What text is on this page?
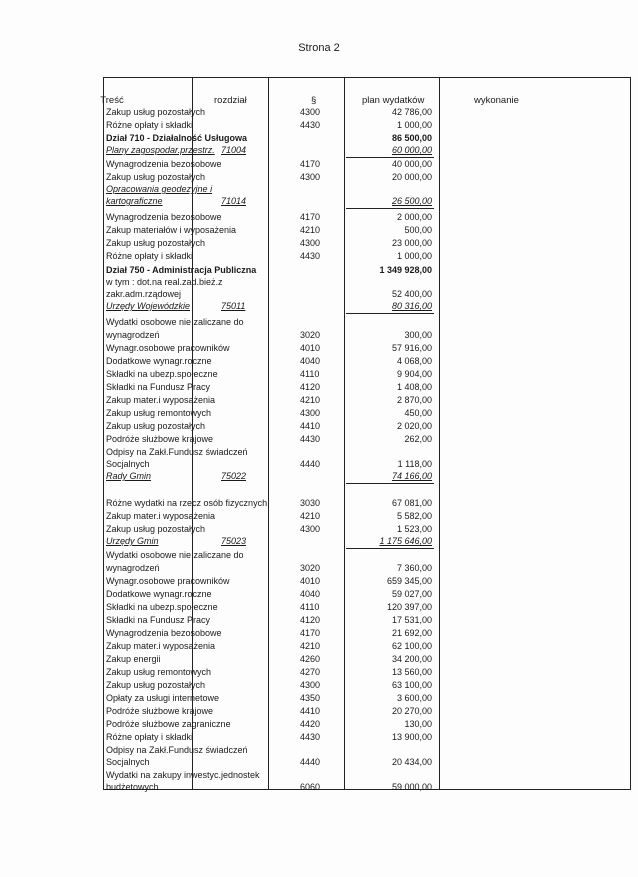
Strona 2
Treść	rozdział	§	plan wydatków	wykonanie
Zakup usług pozostałych	4300	42 786,00
Różne opłaty i składki	4430	1 000,00
Dział 710 - Działalność Usługowa	86 500,00
Plany zagospodar.przestrz. 71004	60 000,00
Wynagrodzenia bezosobowe	4170	40 000,00
Zakup usług pozostałych	4300	20 000,00
Opracowania geodezyjne i
kartograficzne	71014	26 500,00
Wynagrodzenia bezosobowe	4170	2 000,00
Zakup materiałów i wyposażenia	4210	500,00
Zakup usług pozostałych	4300	23 000,00
Różne opłaty i składki	4430	1 000,00
Dział 750 - Administracja Publiczna	1 349 928,00
w tym : dot.na real.zad.bież.z
zakr.adm.rządowej	52 400,00
Urzędy Wojewódzkie	75011	80 316,00
Wydatki osobowe nie zaliczane do
wynagrodzeń	3020	300,00
Wynagr.osobowe pracowników	4010	57 916,00
Dodatkowe wynagr.roczne	4040	4 068,00
Składki na ubezp.społeczne	4110	9 904,00
Składki na Fundusz Pracy	4120	1 408,00
Zakup mater.i wyposażenia	4210	2 870,00
Zakup usług remontowych	4300	450,00
Zakup usług pozostałych	4410	2 020,00
Podróże służbowe krajowe	4430	262,00
Odpisy na Zakł.Fundusz świadczeń
Socjalnych	4440	1 118,00
Rady Gmin	75022	74 166,00
Różne wydatki na rzecz osób fizycznych	3030	67 081,00
Zakup mater.i wyposażenia	4210	5 582,00
Zakup usług pozostałych	4300	1 523,00
Urzędy Gmin	75023	1 175 646,00
Wydatki osobowe nie zaliczane do
wynagrodzeń	3020	7 360,00
Wynagr.osobowe pracowników	4010	659 345,00
Dodatkowe wynagr.roczne	4040	59 027,00
Składki na ubezp.społeczne	4110	120 397,00
Składki na Fundusz Pracy	4120	17 531,00
Wynagrodzenia bezosobowe	4170	21 692,00
Zakup mater.i wyposażenia	4210	62 100,00
Zakup energii	4260	34 200,00
Zakup usług remontowych	4270	13 560,00
Zakup usług pozostałych	4300	63 100,00
Opłaty za usługi internetowe	4350	3 600,00
Podróże służbowe krajowe	4410	20 270,00
Podróże służbowe zagraniczne	4420	130,00
Różne opłaty i składki	4430	13 900,00
Odpisy na Zakł.Fundusz świadczeń
Socjalnych	4440	20 434,00
Wydatki na zakupy inwestyc.jednostek
budżetowych	6060	59 000,00
